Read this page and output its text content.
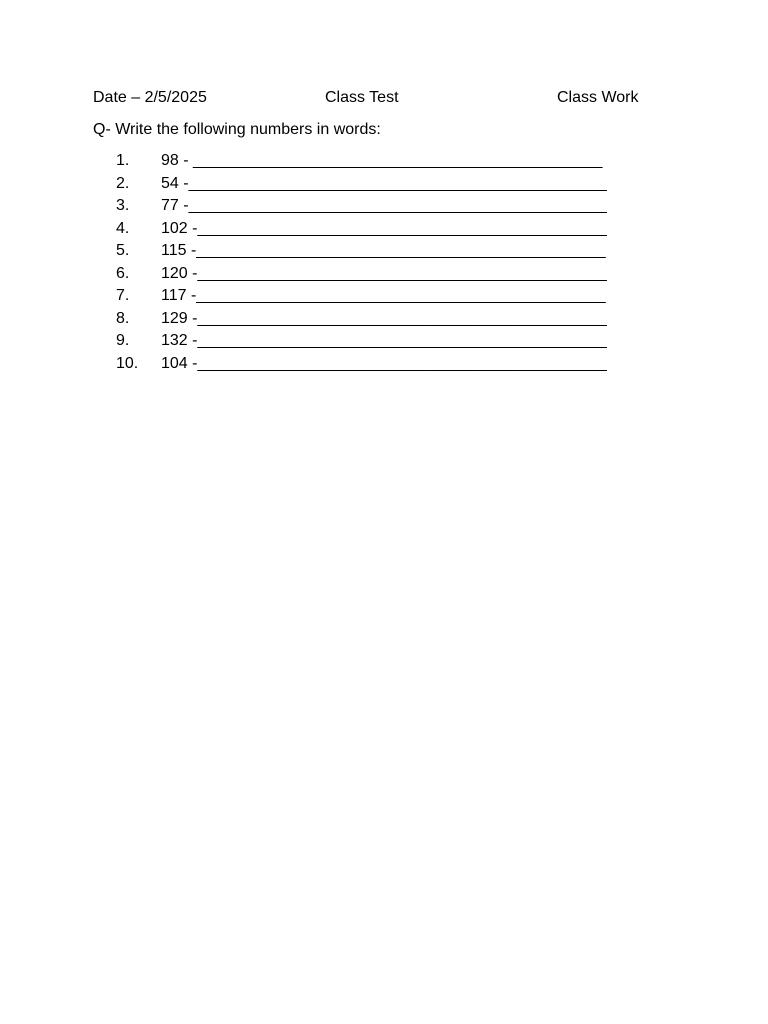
Date – 2/5/2025	Class Test	Class Work
Q- Write the following numbers in words:
1. 98 - ______________________________________________
2. 54 -_______________________________________________
3. 77 -_______________________________________________
4. 102 -______________________________________________
5. 115 -______________________________________________
6. 120 -______________________________________________
7. 117 -______________________________________________
8. 129 -______________________________________________
9. 132 -______________________________________________
10. 104 -______________________________________________
